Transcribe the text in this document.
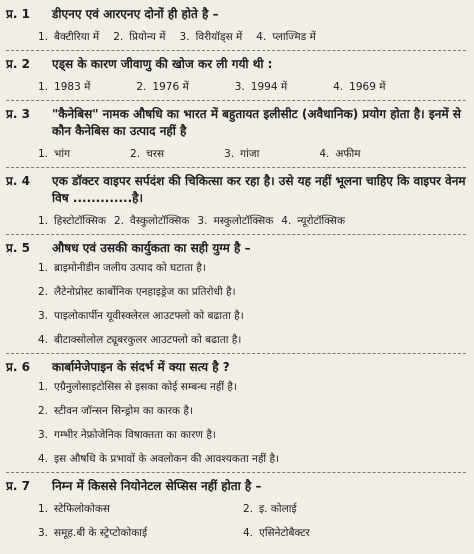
प्र. 1	डीएनए एवं आरएनए दोनों ही होते है –
1. बैक्टीरिया में 2. प्रियोन्य में 3. विरीयॉड्स में 4. प्लाज्मिड में
प्र. 2	एड्स के कारण जीवाणु की खोज कर ली गयी थी :
1. 1983 में	2. 1976 में	3. 1994 में	4. 1969 में
प्र. 3	"कैनेबिस" नामक औषधि का भारत में बहुतायत इलीसीट (अवैधानिक) प्रयोग होता है। इनमें से कौन कैनेबिस का उत्पाद नहीं है
1. भांग	2. चरस	3. गांजा	4. अफीम
प्र. 4	एक डॉक्टर वाइपर सर्पदंश की चिकित्सा कर रहा है। उसे यह नहीं भूलना चाहिए कि वाइपर वेनम विष .............है।
1. हिस्टोटॉक्सिक 2. वैस्कुलोटॉक्सिक 3. मस्कुलोटॉक्सिक 4. न्यूरोटॉक्सिक
प्र. 5	औषध एवं उसकी कार्युकता का सही युग्म है –
1. ब्राइमोनीडीन जलीय उत्पाद को घटाता है।
2. लैटेनोप्रोस्ट कार्बोनिक एनहाइड्रेज का प्रतिरोधी है।
3. पाइलोकार्पीन यूवीस्क्लेरल आउटफ्लो को बढाता है।
4. बीटाक्सोलोल ट्यूबरकुलर आउटफ्लो को बढाता है।
प्र. 6	कार्बामेजेपाइन के संदर्भ में क्या सत्य है ?
1. एग्रैनुलोसाइटोसिस से इसका कोई सम्बन्ध नहीं है।
2. स्टीवन जॉन्सन सिन्ड्रोम का कारक है।
3. गम्भीर नेफ्रोजेनिक विषाक्तता का कारण है।
4. इस औषधि के प्रभावों के अवलोकन की आवश्यकता नहीं है।
प्र. 7	निम्न में किससे नियोनेटल सेप्सिस नहीं होता है –
1. स्टेफिलोकोकस	2. इ. कोलाई
3. समूह.बी के स्ट्रेप्टोकोकाई	4. एसिनेटोबैक्टर
